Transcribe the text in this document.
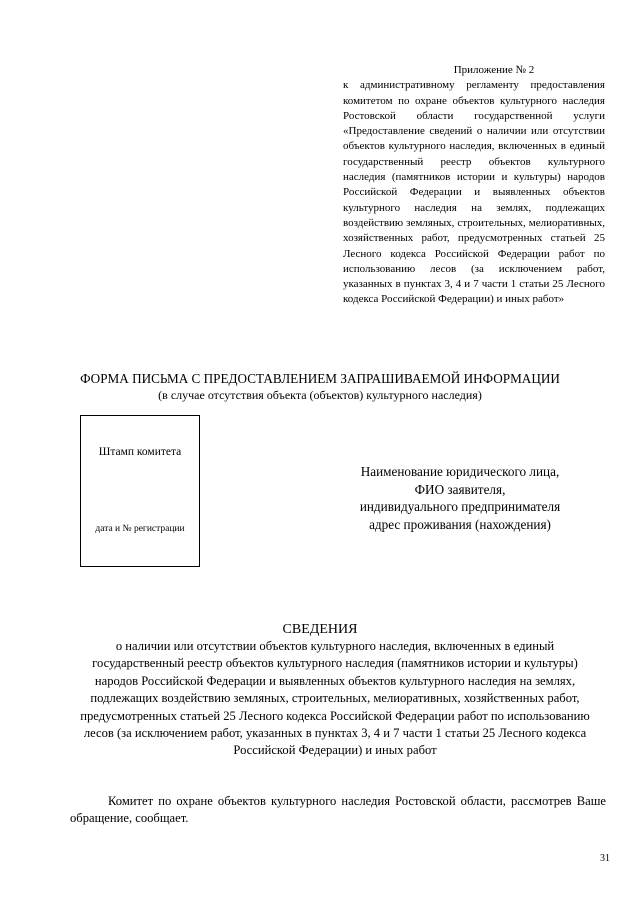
Приложение № 2
к административному регламенту предоставления комитетом по охране объектов культурного наследия Ростовской области государственной услуги «Предоставление сведений о наличии или отсутствии объектов культурного наследия, включенных в единый государственный реестр объектов культурного наследия (памятников истории и культуры) народов Российской Федерации и выявленных объектов культурного наследия на землях, подлежащих воздействию земляных, строительных, мелиоративных, хозяйственных работ, предусмотренных статьей 25 Лесного кодекса Российской Федерации работ по использованию лесов (за исключением работ, указанных в пунктах 3, 4 и 7 части 1 статьи 25 Лесного кодекса Российской Федерации) и иных работ»
ФОРМА ПИСЬМА С ПРЕДОСТАВЛЕНИЕМ ЗАПРАШИВАЕМОЙ ИНФОРМАЦИИ
(в случае отсутствия объекта (объектов) культурного наследия)
Штамп комитета
дата и № регистрации
Наименование юридического лица,
ФИО заявителя,
индивидуального предпринимателя
адрес проживания (нахождения)
СВЕДЕНИЯ
о наличии или отсутствии объектов культурного наследия, включенных в единый государственный реестр объектов культурного наследия (памятников истории и культуры) народов Российской Федерации и выявленных объектов культурного наследия на землях, подлежащих воздействию земляных, строительных, мелиоративных, хозяйственных работ, предусмотренных статьей 25 Лесного кодекса Российской Федерации работ по использованию лесов (за исключением работ, указанных в пунктах 3, 4 и 7 части 1 статьи 25 Лесного кодекса Российской Федерации) и иных работ
Комитет по охране объектов культурного наследия Ростовской области, рассмотрев Ваше обращение, сообщает.
31
